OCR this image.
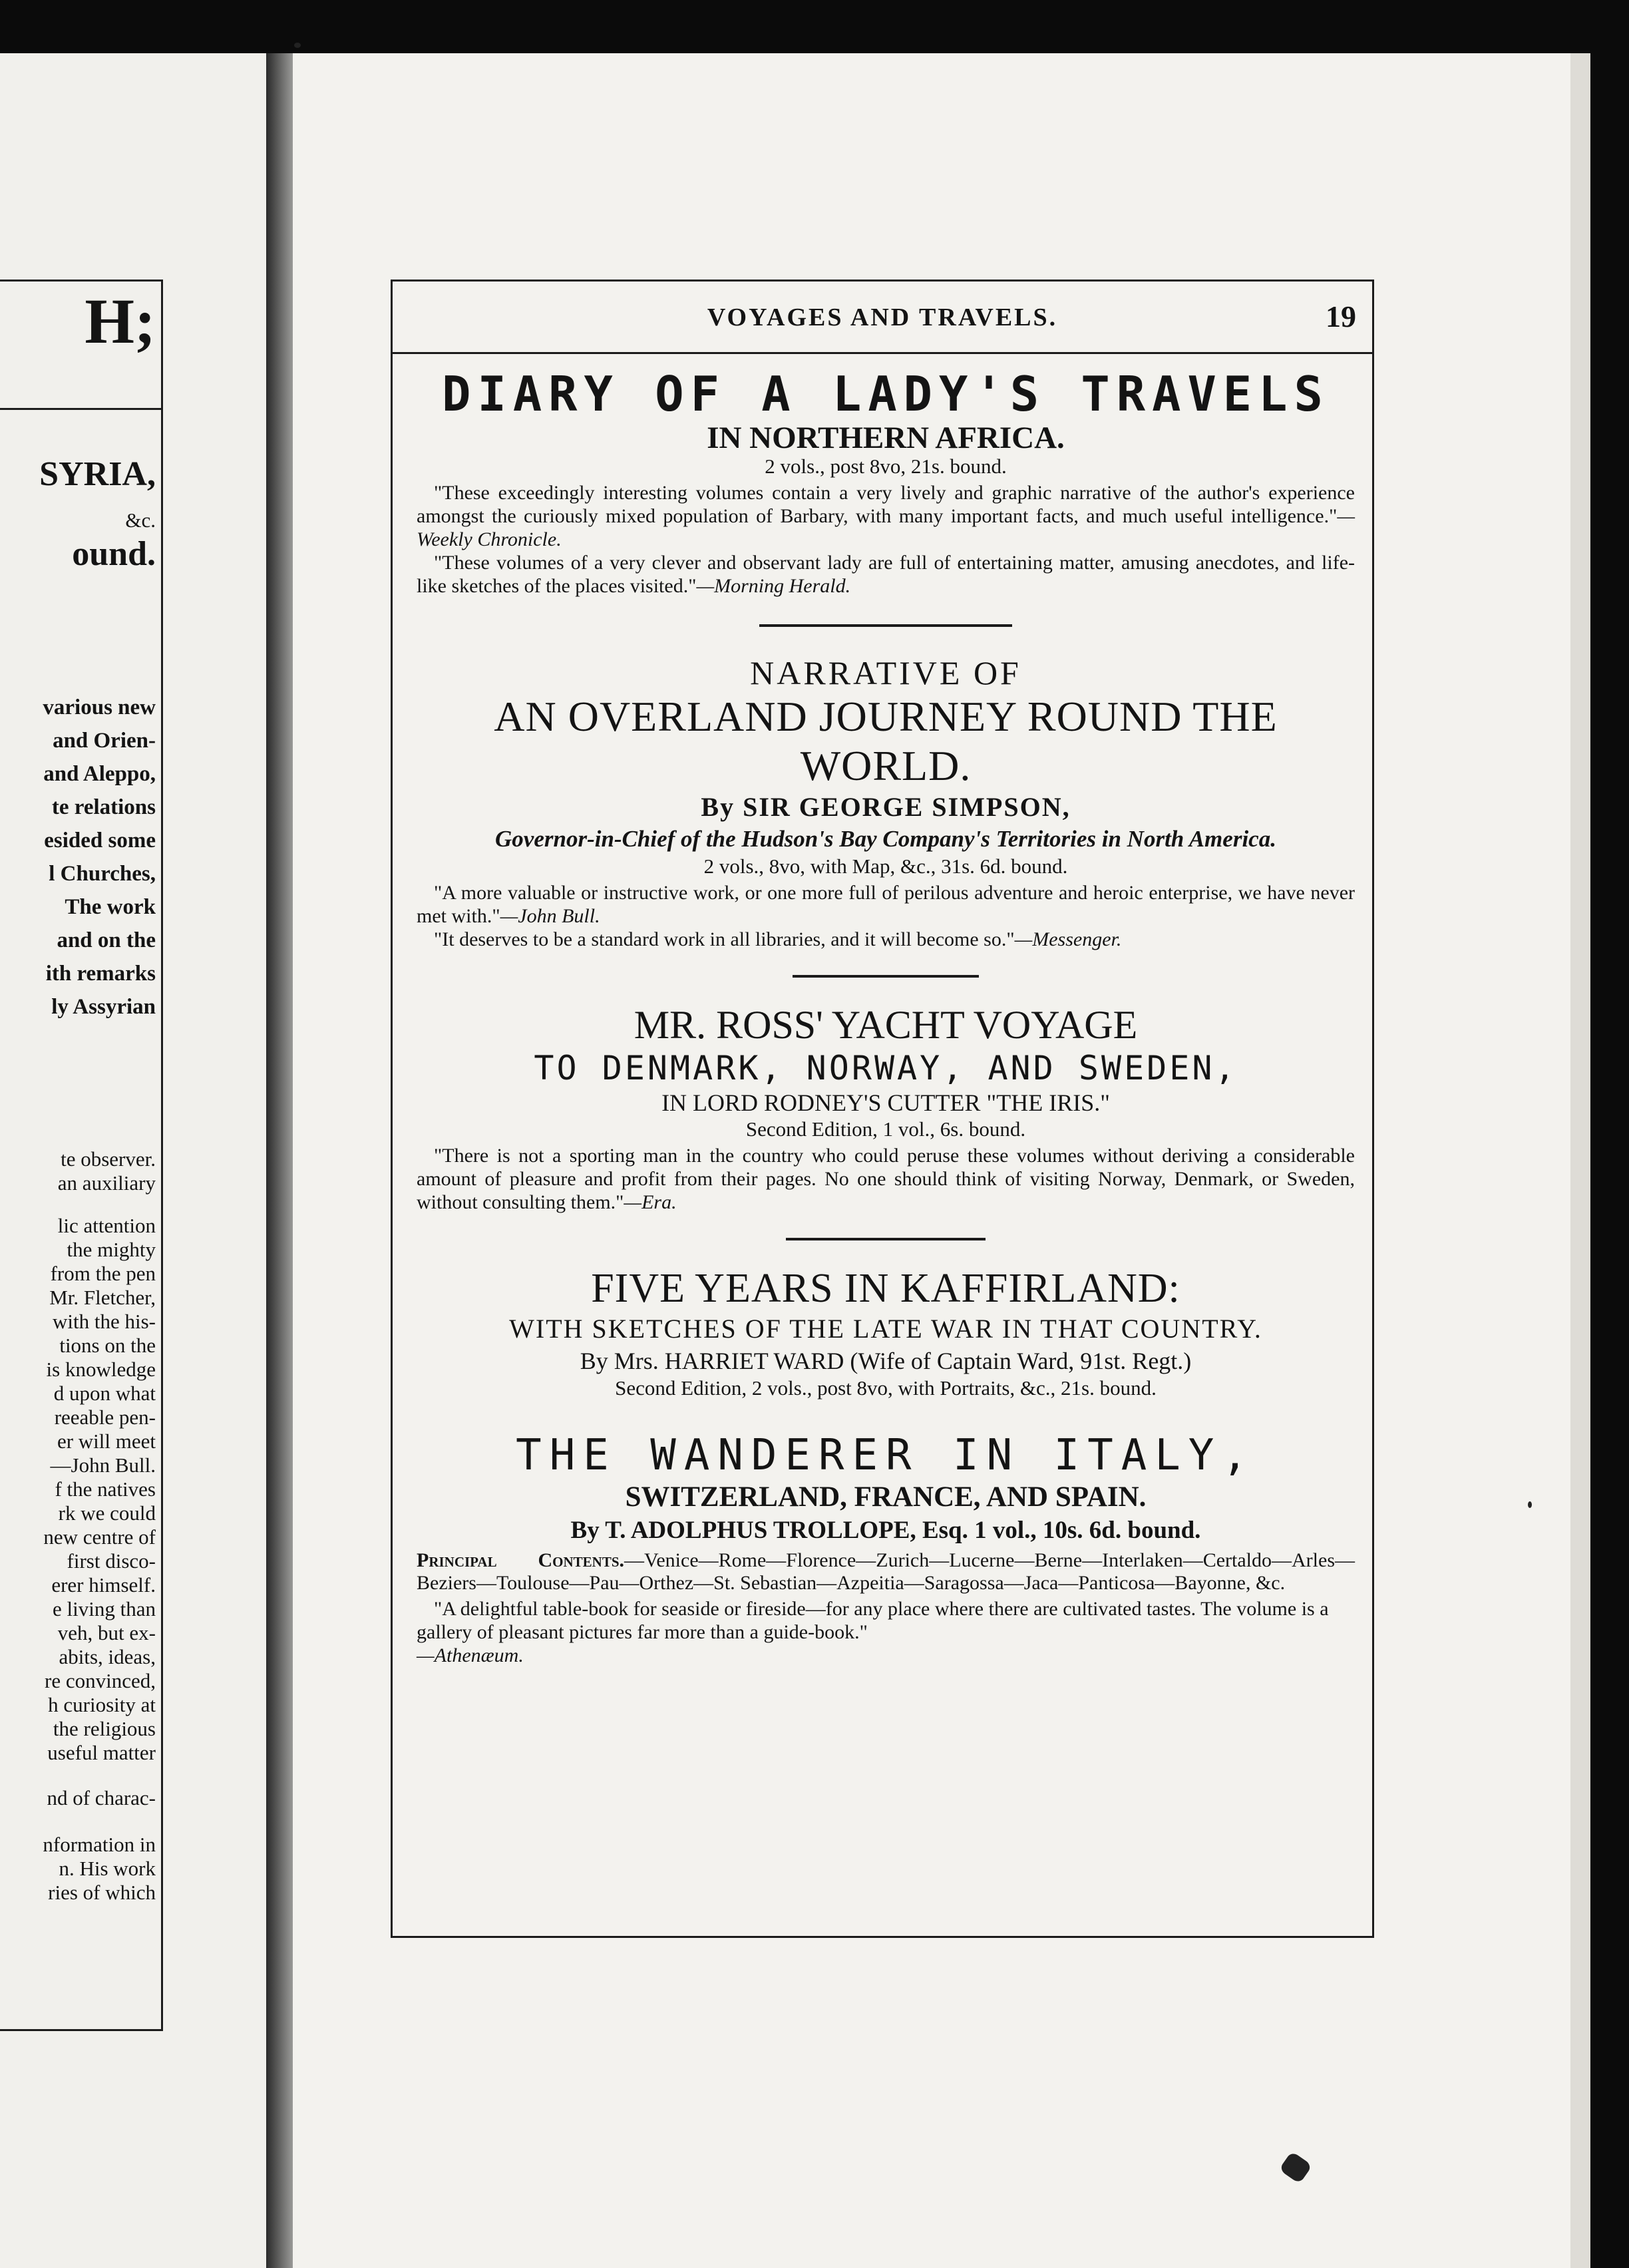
H;
SYRIA,
&c.
ound.
various new
and Orien-
and Aleppo,
te relations
esided some
l Churches,
The work
and on the
ith remarks
ly Assyrian
te observer.
an auxiliary
lic attention
the mighty
from the pen
Mr. Fletcher,
with the his-
tions on the
is knowledge
d upon what
reeable pen-
er will meet
—John Bull.
f the natives
rk we could
new centre of
first disco-
erer himself.
e living than
veh, but ex-
abits, ideas,
re convinced,
h curiosity at
the religious
useful matter
nd of charac-
nformation in
n. His work
ries of which
VOYAGES AND TRAVELS.	19
DIARY OF A LADY'S TRAVELS
IN NORTHERN AFRICA.
2 vols., post 8vo, 21s. bound.

"These exceedingly interesting volumes contain a very lively and graphic narrative of the author's experience amongst the curiously mixed population of Barbary, with many important facts, and much useful intelligence."—Weekly Chronicle.

"These volumes of a very clever and observant lady are full of entertaining matter, amusing anecdotes, and life-like sketches of the places visited."—Morning Herald.

NARRATIVE OF
AN OVERLAND JOURNEY ROUND THE WORLD.
By SIR GEORGE SIMPSON,
Governor-in-Chief of the Hudson's Bay Company's Territories in North America.
2 vols., 8vo, with Map, &c., 31s. 6d. bound.

"A more valuable or instructive work, or one more full of perilous adventure and heroic enterprise, we have never met with."—John Bull.

"It deserves to be a standard work in all libraries, and it will become so."—Messenger.

MR. ROSS' YACHT VOYAGE
TO DENMARK, NORWAY, AND SWEDEN,
IN LORD RODNEY'S CUTTER "THE IRIS."
Second Edition, 1 vol., 6s. bound.

"There is not a sporting man in the country who could peruse these volumes without deriving a considerable amount of pleasure and profit from their pages. No one should think of visiting Norway, Denmark, or Sweden, without consulting them."—Era.

FIVE YEARS IN KAFFIRLAND:
WITH SKETCHES OF THE LATE WAR IN THAT COUNTRY.
By Mrs. HARRIET WARD (Wife of Captain Ward, 91st. Regt.)
Second Edition, 2 vols., post 8vo, with Portraits, &c., 21s. bound.
THE WANDERER IN ITALY,
SWITZERLAND, FRANCE, AND SPAIN.
By T. ADOLPHUS TROLLOPE, Esq. 1 vol., 10s. 6d. bound.

Principal Contents.—Venice—Rome—Florence—Zurich—Lucerne—Berne—Interlaken—Certaldo—Arles—Beziers—Toulouse—Pau—Orthez—St. Sebastian—Azpeitia—Saragossa—Jaca—Panticosa—Bayonne, &c.

"A delightful table-book for seaside or fireside—for any place where there are cultivated tastes. The volume is a gallery of pleasant pictures far more than a guide-book."
—Athenæum.
